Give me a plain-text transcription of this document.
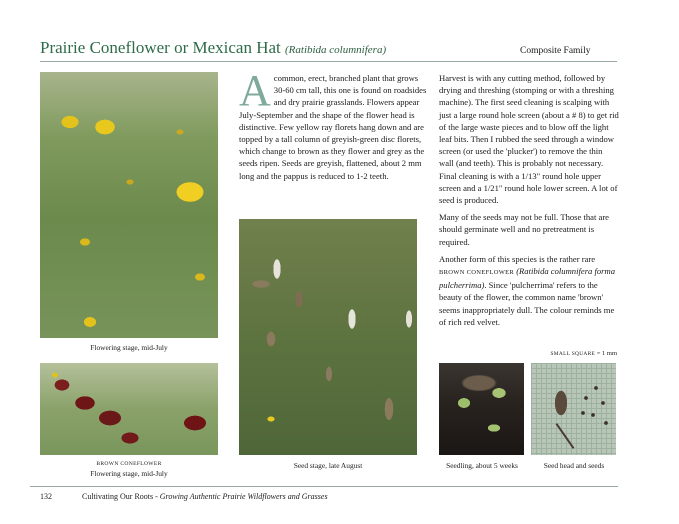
Prairie Coneflower or Mexican Hat (Ratibida columnifera)	Composite Family
Flowering stage, mid-July
BROWN CONEFLOWER
Flowering stage, mid-July

Acommon, erect, branched plant that grows 30-60 cm tall, this one is found on roadsides and dry prairie grasslands. Flowers appear July-September and the shape of the flower head is distinctive. Few yellow ray florets hang down and are topped by a tall column of greyish-green disc florets, which change to brown as they flower and grey as the seeds ripen. Seeds are greyish, flattened, about 2 mm long and the pappus is reduced to 1-2 teeth.

Seed stage, late August

Harvest is with any cutting method, followed by drying and threshing (stomping or with a threshing machine). The first seed cleaning is scalping with just a large round hole screen (about a # 8) to get rid of the large waste pieces and to blow off the light leaf bits. Then I rubbed the seed through a window screen (or used the 'plucker') to remove the thin wall (and teeth). This is probably not necessary. Final cleaning is with a 1/13" round hole upper screen and a 1/21" round hole lower screen. A lot of seed is produced.

Many of the seeds may not be full. Those that are should germinate well and no pretreatment is required.

Another form of this species is the rather rare BROWN CONEFLOWER (Ratibida columnifera forma pulcherrima). Since 'pulcherrima' refers to the beauty of the flower, the common name 'brown' seems inappropriately dull. The colour reminds me of rich red velvet.

SMALL SQUARE = 1 mm
Seedling, about 5 weeks	Seed head and seeds
132	Cultivating Our Roots - Growing Authentic Prairie Wildflowers and Grasses
